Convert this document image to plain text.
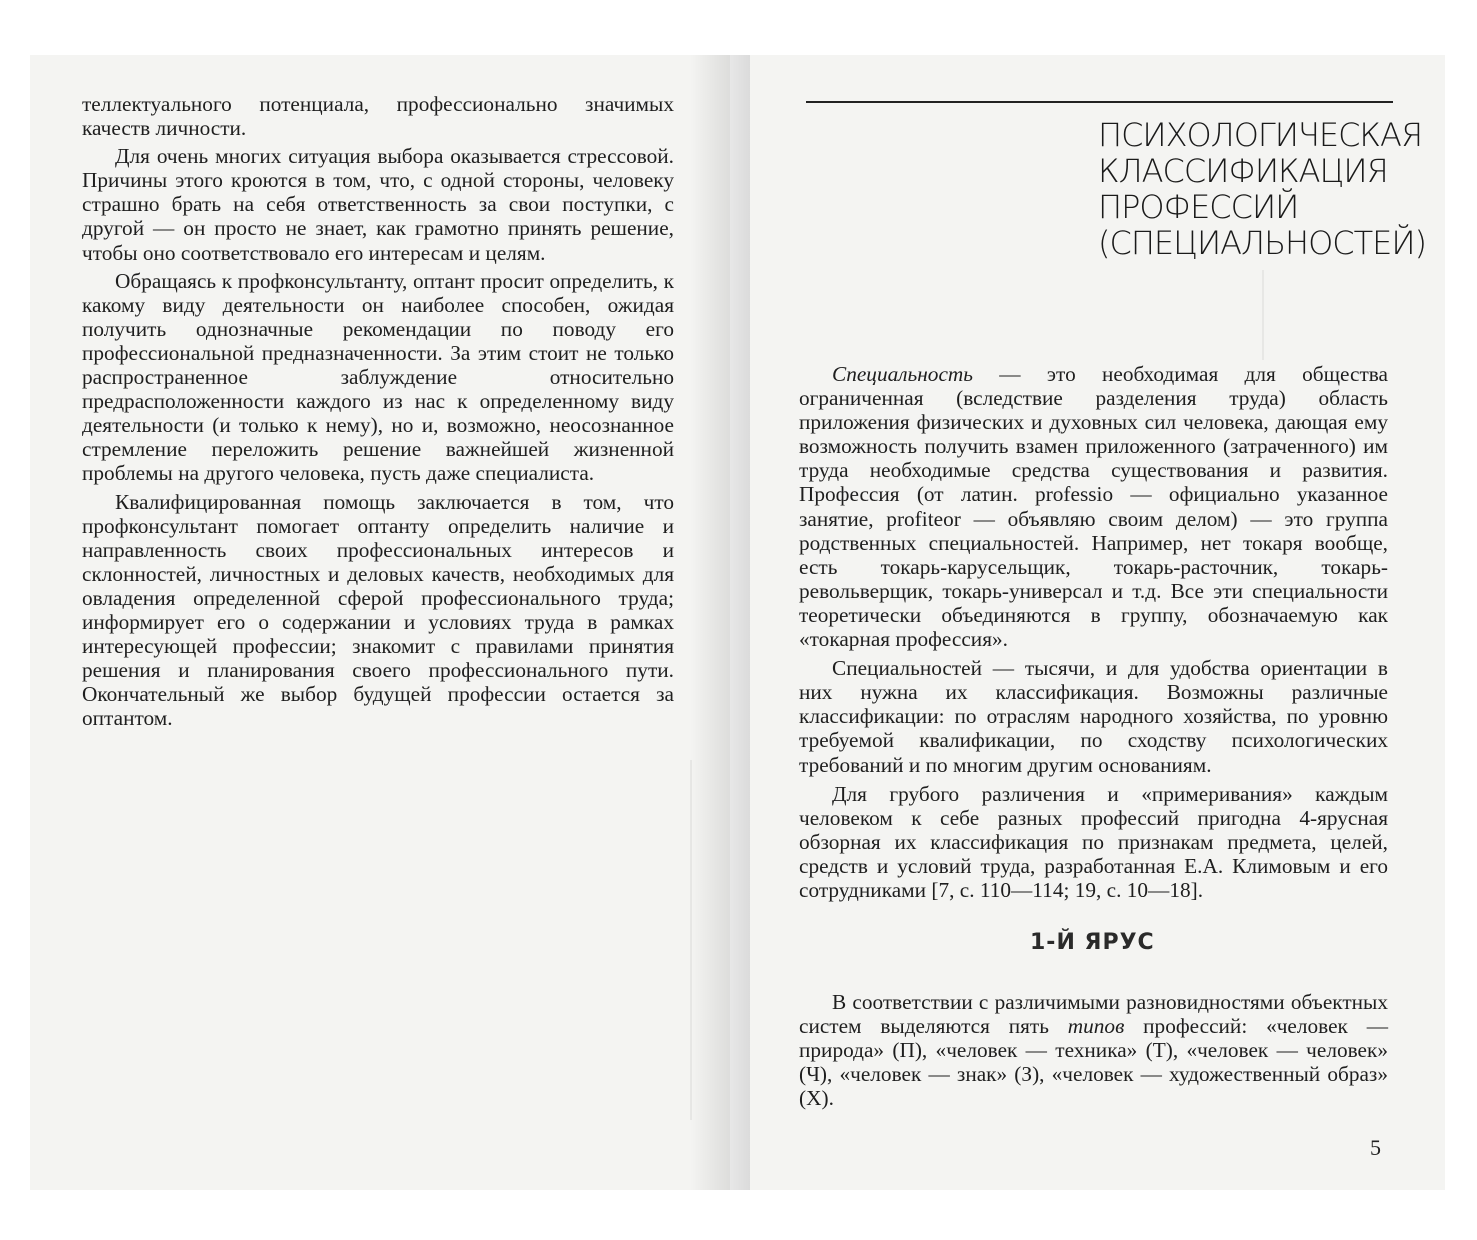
теллектуального потенциала, профессионально значимых качеств личности.

Для очень многих ситуация выбора оказывается стрессовой. Причины этого кроются в том, что, с одной стороны, человеку страшно брать на себя ответственность за свои поступки, с другой — он просто не знает, как грамотно принять решение, чтобы оно соответствовало его интересам и целям.

Обращаясь к профконсультанту, оптант просит определить, к какому виду деятельности он наиболее способен, ожидая получить однозначные рекомендации по поводу его профессиональной предназначенности. За этим стоит не только распространенное заблуждение относительно предрасположенности каждого из нас к определенному виду деятельности (и только к нему), но и, возможно, неосознанное стремление переложить решение важнейшей жизненной проблемы на другого человека, пусть даже специалиста.

Квалифицированная помощь заключается в том, что профконсультант помогает оптанту определить наличие и направленность своих профессиональных интересов и склонностей, личностных и деловых качеств, необходимых для овладения определенной сферой профессионального труда; информирует его о содержании и условиях труда в рамках интересующей профессии; знакомит с правилами принятия решения и планирования своего профессионального пути. Окончательный же выбор будущей профессии остается за оптантом.

ПСИХОЛОГИЧЕСКАЯ
КЛАССИФИКАЦИЯ
ПРОФЕССИЙ
(СПЕЦИАЛЬНОСТЕЙ)

Специальность — это необходимая для общества ограниченная (вследствие разделения труда) область приложения физических и духовных сил человека, дающая ему возможность получить взамен приложенного (затраченного) им труда необходимые средства существования и развития. Профессия (от латин. professio — официально указанное занятие, profiteor — объявляю своим делом) — это группа родственных специальностей. Например, нет токаря вообще, есть токарь-карусельщик, токарь-расточник, токарь-револьверщик, токарь-универсал и т.д. Все эти специальности теоретически объединяются в группу, обозначаемую как «токарная профессия».

Специальностей — тысячи, и для удобства ориентации в них нужна их классификация. Возможны различные классификации: по отраслям народного хозяйства, по уровню требуемой квалификации, по сходству психологических требований и по многим другим основаниям.

Для грубого различения и «примеривания» каждым человеком к себе разных профессий пригодна 4-ярусная обзорная их классификация по признакам предмета, целей, средств и условий труда, разработанная Е.А. Климовым и его сотрудниками [7, с. 110—114; 19, с. 10—18].

1-Й ЯРУС

В соответствии с различимыми разновидностями объектных систем выделяются пять типов профессий: «человек — природа» (П), «человек — техника» (Т), «человек — человек» (Ч), «человек — знак» (З), «человек — художественный образ» (Х).

5
